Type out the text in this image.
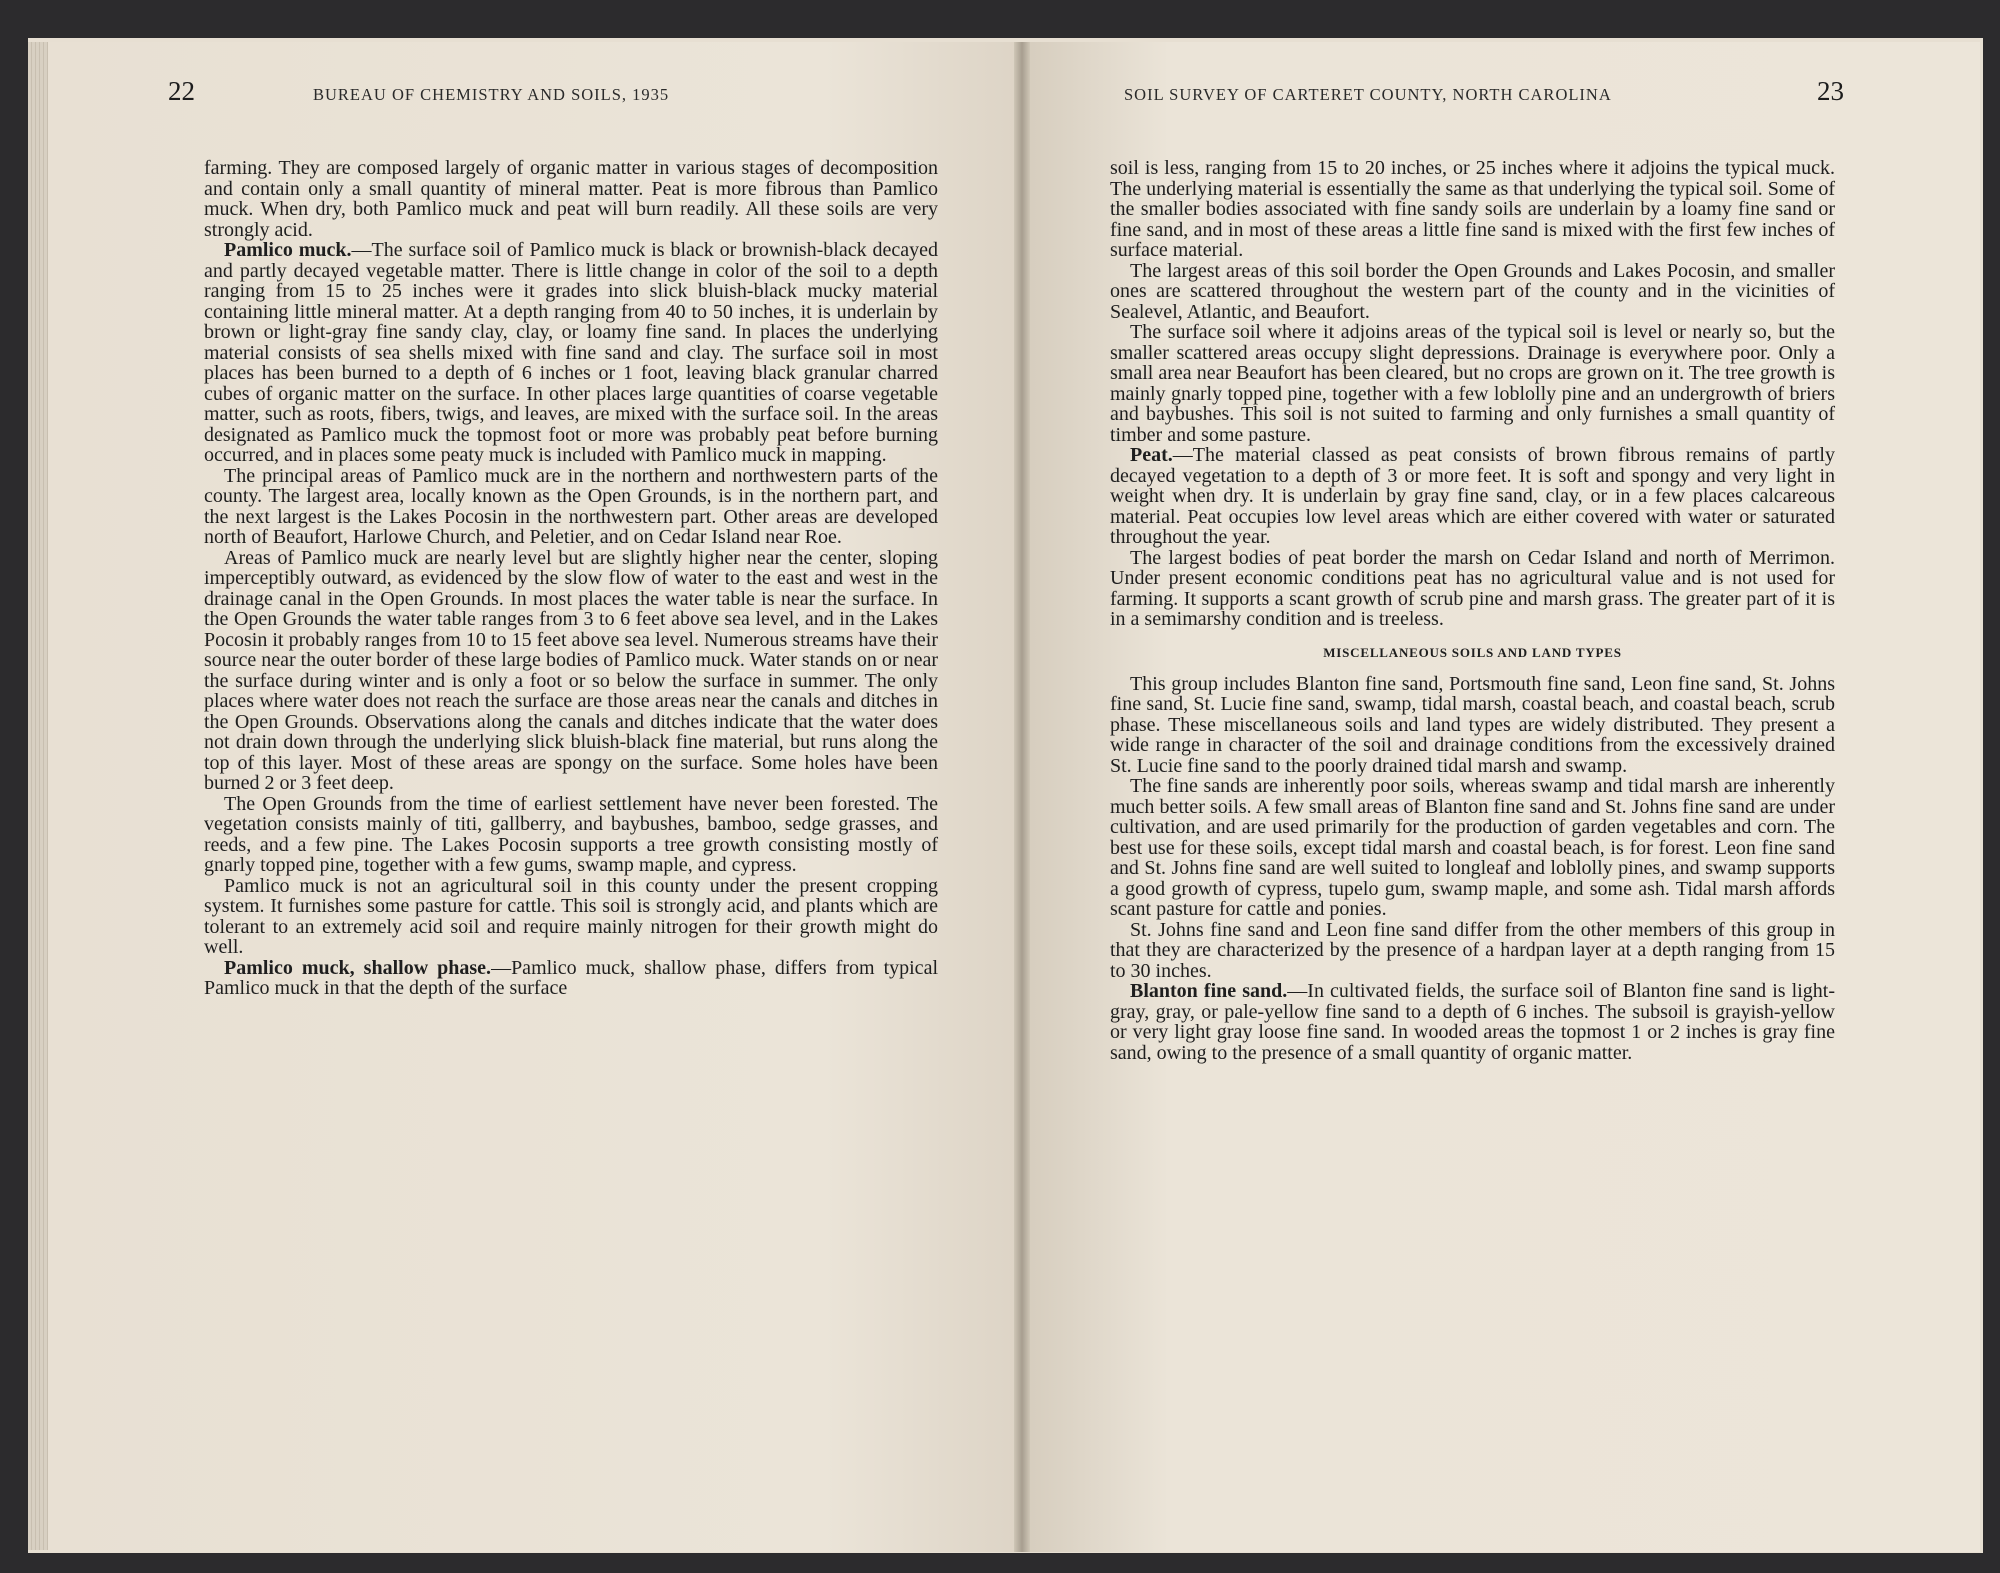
22	BUREAU OF CHEMISTRY AND SOILS, 1935

farming. They are composed largely of organic matter in various stages of decomposition and contain only a small quantity of mineral matter. Peat is more fibrous than Pamlico muck. When dry, both Pamlico muck and peat will burn readily. All these soils are very strongly acid.

Pamlico muck.—The surface soil of Pamlico muck is black or brownish-black decayed and partly decayed vegetable matter. There is little change in color of the soil to a depth ranging from 15 to 25 inches were it grades into slick bluish-black mucky material containing little mineral matter. At a depth ranging from 40 to 50 inches, it is underlain by brown or light-gray fine sandy clay, clay, or loamy fine sand. In places the underlying material consists of sea shells mixed with fine sand and clay. The surface soil in most places has been burned to a depth of 6 inches or 1 foot, leaving black granular charred cubes of organic matter on the surface. In other places large quantities of coarse vegetable matter, such as roots, fibers, twigs, and leaves, are mixed with the surface soil. In the areas designated as Pamlico muck the topmost foot or more was probably peat before burning occurred, and in places some peaty muck is included with Pamlico muck in mapping.

The principal areas of Pamlico muck are in the northern and northwestern parts of the county. The largest area, locally known as the Open Grounds, is in the northern part, and the next largest is the Lakes Pocosin in the northwestern part. Other areas are developed north of Beaufort, Harlowe Church, and Peletier, and on Cedar Island near Roe.

Areas of Pamlico muck are nearly level but are slightly higher near the center, sloping imperceptibly outward, as evidenced by the slow flow of water to the east and west in the drainage canal in the Open Grounds. In most places the water table is near the surface. In the Open Grounds the water table ranges from 3 to 6 feet above sea level, and in the Lakes Pocosin it probably ranges from 10 to 15 feet above sea level. Numerous streams have their source near the outer border of these large bodies of Pamlico muck. Water stands on or near the surface during winter and is only a foot or so below the surface in summer. The only places where water does not reach the surface are those areas near the canals and ditches in the Open Grounds. Observations along the canals and ditches indicate that the water does not drain down through the underlying slick bluish-black fine material, but runs along the top of this layer. Most of these areas are spongy on the surface. Some holes have been burned 2 or 3 feet deep.

The Open Grounds from the time of earliest settlement have never been forested. The vegetation consists mainly of titi, gallberry, and baybushes, bamboo, sedge grasses, and reeds, and a few pine. The Lakes Pocosin supports a tree growth consisting mostly of gnarly topped pine, together with a few gums, swamp maple, and cypress.

Pamlico muck is not an agricultural soil in this county under the present cropping system. It furnishes some pasture for cattle. This soil is strongly acid, and plants which are tolerant to an extremely acid soil and require mainly nitrogen for their growth might do well.

Pamlico muck, shallow phase.—Pamlico muck, shallow phase, differs from typical Pamlico muck in that the depth of the surface

SOIL SURVEY OF CARTERET COUNTY, NORTH CAROLINA	23

soil is less, ranging from 15 to 20 inches, or 25 inches where it adjoins the typical muck. The underlying material is essentially the same as that underlying the typical soil. Some of the smaller bodies associated with fine sandy soils are underlain by a loamy fine sand or fine sand, and in most of these areas a little fine sand is mixed with the first few inches of surface material.

The largest areas of this soil border the Open Grounds and Lakes Pocosin, and smaller ones are scattered throughout the western part of the county and in the vicinities of Sealevel, Atlantic, and Beaufort.

The surface soil where it adjoins areas of the typical soil is level or nearly so, but the smaller scattered areas occupy slight depressions. Drainage is everywhere poor. Only a small area near Beaufort has been cleared, but no crops are grown on it. The tree growth is mainly gnarly topped pine, together with a few loblolly pine and an undergrowth of briers and baybushes. This soil is not suited to farming and only furnishes a small quantity of timber and some pasture.

Peat.—The material classed as peat consists of brown fibrous remains of partly decayed vegetation to a depth of 3 or more feet. It is soft and spongy and very light in weight when dry. It is underlain by gray fine sand, clay, or in a few places calcareous material. Peat occupies low level areas which are either covered with water or saturated throughout the year.

The largest bodies of peat border the marsh on Cedar Island and north of Merrimon. Under present economic conditions peat has no agricultural value and is not used for farming. It supports a scant growth of scrub pine and marsh grass. The greater part of it is in a semimarshy condition and is treeless.

MISCELLANEOUS SOILS AND LAND TYPES

This group includes Blanton fine sand, Portsmouth fine sand, Leon fine sand, St. Johns fine sand, St. Lucie fine sand, swamp, tidal marsh, coastal beach, and coastal beach, scrub phase. These miscellaneous soils and land types are widely distributed. They present a wide range in character of the soil and drainage conditions from the excessively drained St. Lucie fine sand to the poorly drained tidal marsh and swamp.

The fine sands are inherently poor soils, whereas swamp and tidal marsh are inherently much better soils. A few small areas of Blanton fine sand and St. Johns fine sand are under cultivation, and are used primarily for the production of garden vegetables and corn. The best use for these soils, except tidal marsh and coastal beach, is for forest. Leon fine sand and St. Johns fine sand are well suited to longleaf and loblolly pines, and swamp supports a good growth of cypress, tupelo gum, swamp maple, and some ash. Tidal marsh affords scant pasture for cattle and ponies.

St. Johns fine sand and Leon fine sand differ from the other members of this group in that they are characterized by the presence of a hardpan layer at a depth ranging from 15 to 30 inches.

Blanton fine sand.—In cultivated fields, the surface soil of Blanton fine sand is light-gray, gray, or pale-yellow fine sand to a depth of 6 inches. The subsoil is grayish-yellow or very light gray loose fine sand. In wooded areas the topmost 1 or 2 inches is gray fine sand, owing to the presence of a small quantity of organic matter.
